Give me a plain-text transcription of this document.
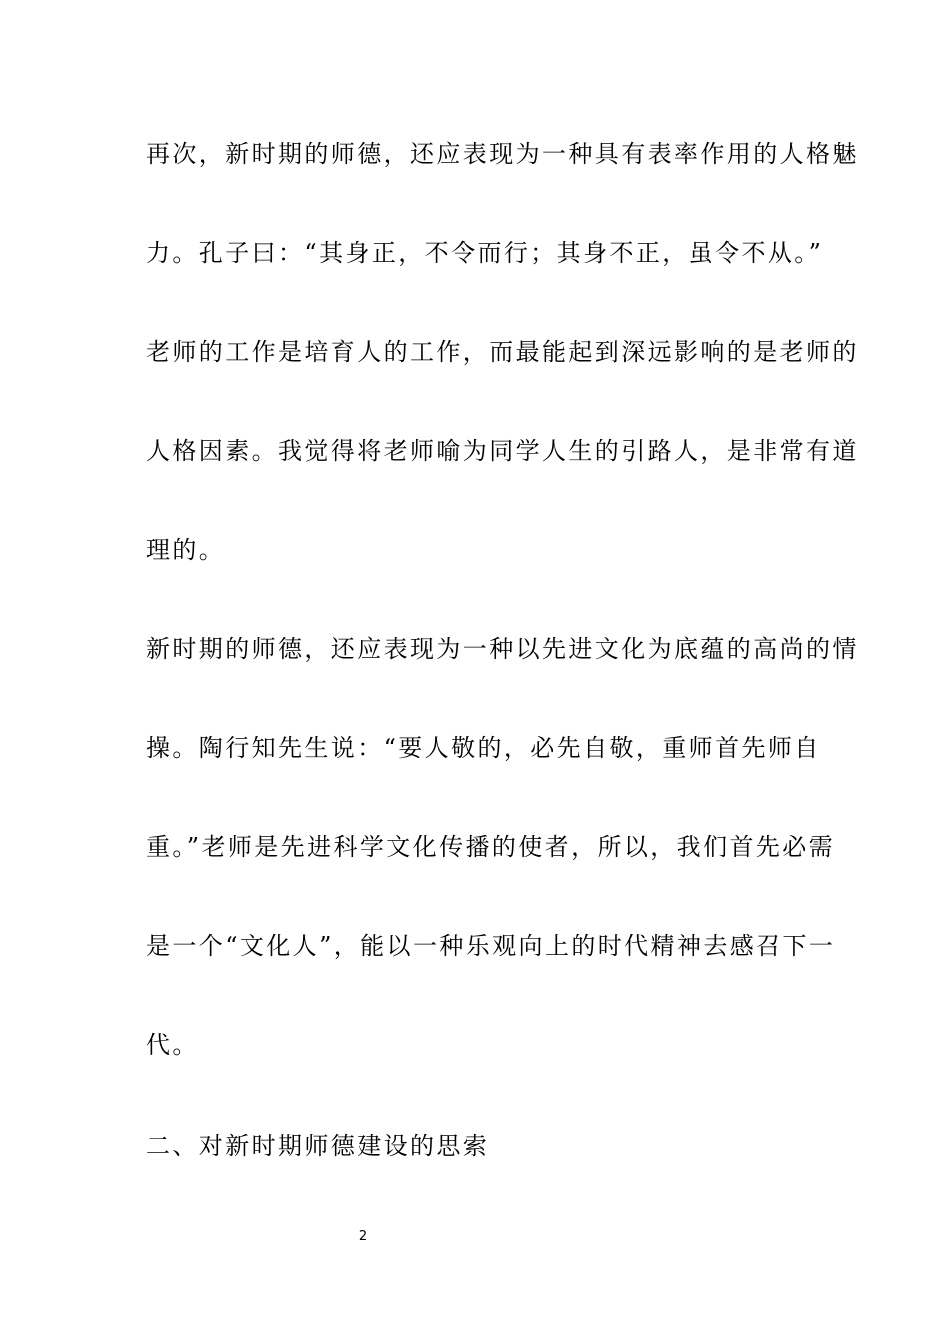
再次，新时期的师德，还应表现为一种具有表率作用的人格魅
力。孔子曰：“其身正，不令而行；其身不正，虽令不从。”
老师的工作是培育人的工作，而最能起到深远影响的是老师的
人格因素。我觉得将老师喻为同学人生的引路人，是非常有道
理的。
新时期的师德，还应表现为一种以先进文化为底蕴的高尚的情
操。陶行知先生说：“要人敬的，必先自敬，重师首先师自
重。”老师是先进科学文化传播的使者，所以，我们首先必需
是一个“文化人”，能以一种乐观向上的时代精神去感召下一
代。
二、对新时期师德建设的思索
2
